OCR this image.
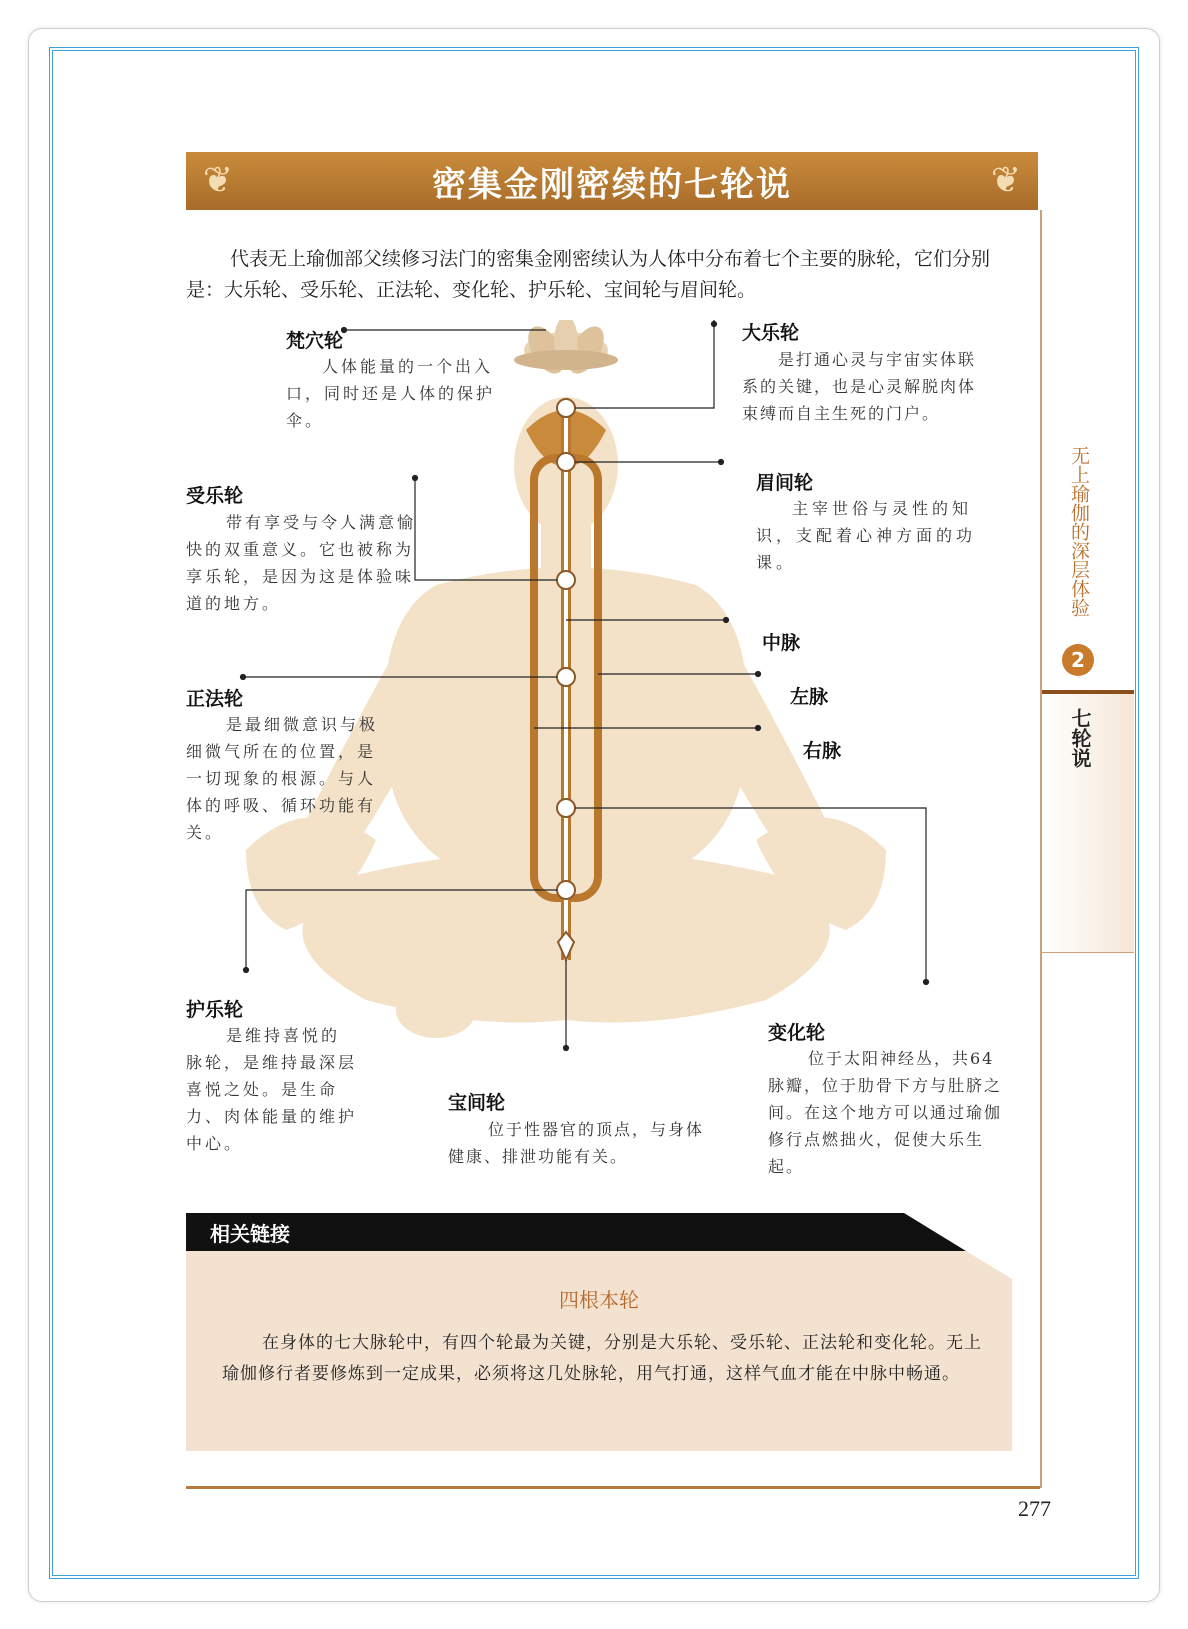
❦	密集金刚密续的七轮说	❦

代表无上瑜伽部父续修习法门的密集金刚密续认为人体中分布着七个主要的脉轮，它们分别是：大乐轮、受乐轮、正法轮、变化轮、护乐轮、宝间轮与眉间轮。

无上瑜伽的深层体验
2
七轮说
梵穴轮
人体能量的一个出入口，同时还是人体的保护伞。
大乐轮
是打通心灵与宇宙实体联系的关键，也是心灵解脱肉体束缚而自主生死的门户。
眉间轮
主宰世俗与灵性的知识，支配着心神方面的功课。
受乐轮
带有享受与令人满意愉快的双重意义。它也被称为享乐轮，是因为这是体验味道的地方。
中脉
正法轮
是最细微意识与极细微气所在的位置，是一切现象的根源。与人体的呼吸、循环功能有关。
左脉
右脉
护乐轮
是维持喜悦的脉轮，是维持最深层喜悦之处。是生命力、肉体能量的维护中心。
变化轮
位于太阳神经丛，共64脉瓣，位于肋骨下方与肚脐之间。在这个地方可以通过瑜伽修行点燃拙火，促使大乐生起。
宝间轮
位于性器官的顶点，与身体健康、排泄功能有关。
相关链接
四根本轮

在身体的七大脉轮中，有四个轮最为关键，分别是大乐轮、受乐轮、正法轮和变化轮。无上瑜伽修行者要修炼到一定成果，必须将这几处脉轮，用气打通，这样气血才能在中脉中畅通。

277
